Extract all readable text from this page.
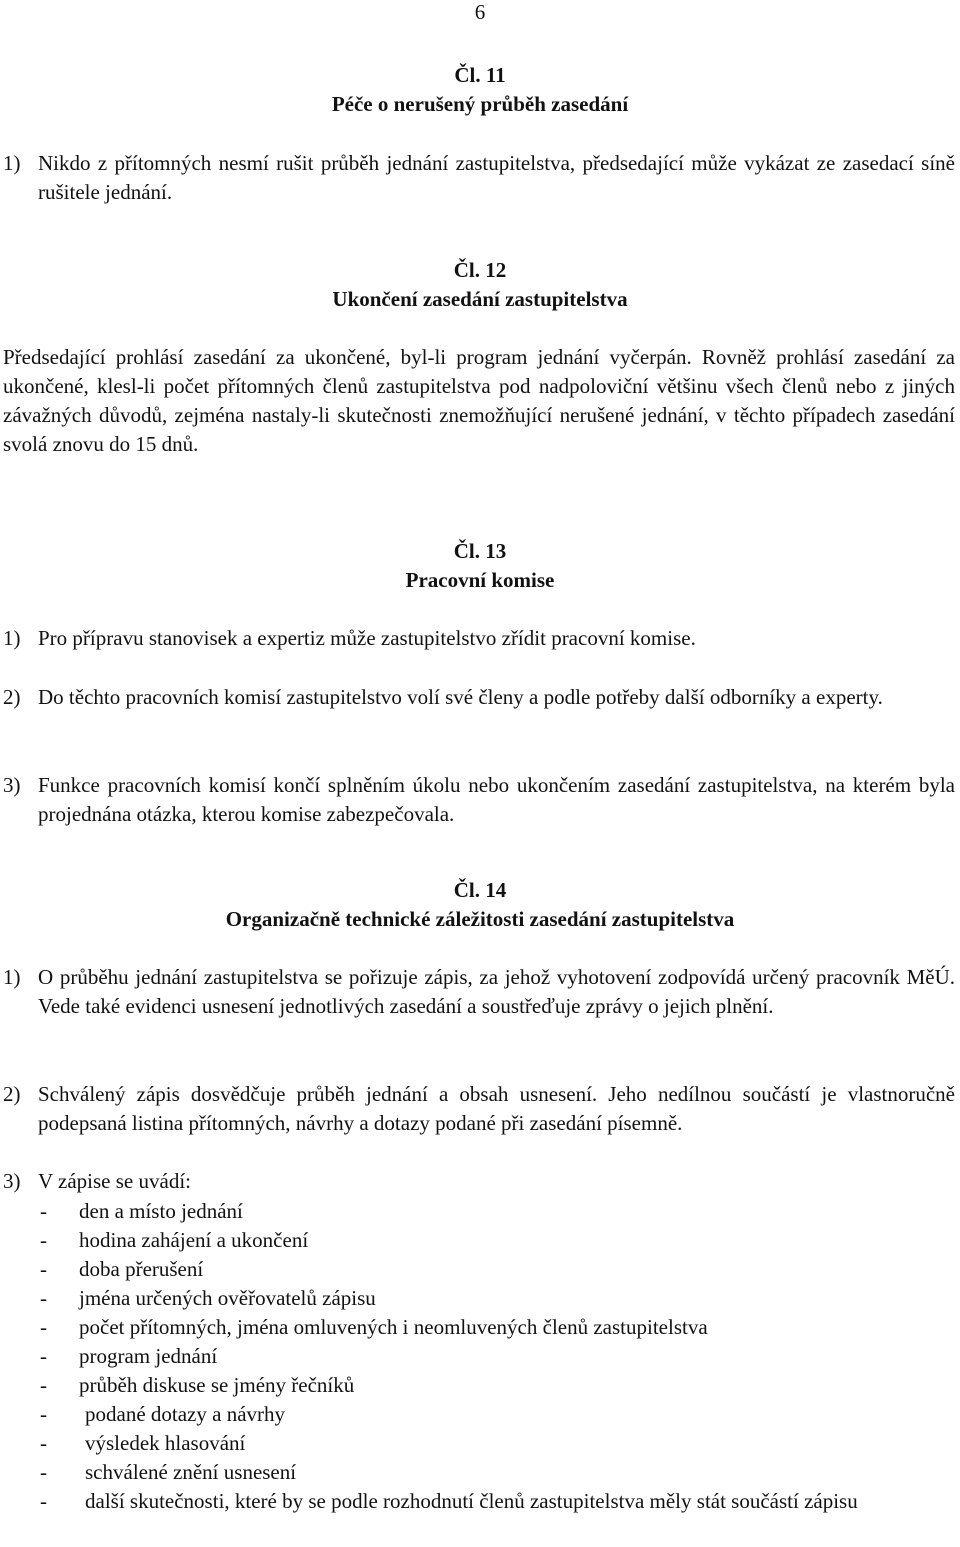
6
Čl. 11
Péče o nerušený průběh zasedání
1) Nikdo z přítomných nesmí rušit průběh jednání zastupitelstva, předsedající může vykázat ze zasedací síně rušitele jednání.
Čl. 12
Ukončení zasedání zastupitelstva
Předsedající prohlásí zasedání za ukončené, byl-li program jednání vyčerpán. Rovněž prohlásí zasedání za ukončené, klesl-li počet přítomných členů zastupitelstva pod nadpoloviční většinu všech členů nebo z jiných závažných důvodů, zejména nastaly-li skutečnosti znemožňující nerušené jednání, v těchto případech zasedání svolá znovu do 15 dnů.
Čl. 13
Pracovní komise
1) Pro přípravu stanovisek a expertiz může zastupitelstvo zřídit pracovní komise.
2) Do těchto pracovních komisí zastupitelstvo volí své členy a podle potřeby další odborníky a experty.
3) Funkce pracovních komisí končí splněním úkolu nebo ukončením zasedání zastupitelstva, na kterém byla projednána otázka, kterou komise zabezpečovala.
Čl. 14
Organizačně technické záležitosti zasedání zastupitelstva
1) O průběhu jednání zastupitelstva se pořizuje zápis, za jehož vyhotovení zodpovídá určený pracovník MěÚ. Vede také evidenci usnesení jednotlivých zasedání a soustřeďuje zprávy o jejich plnění.
2) Schválený zápis dosvědčuje průběh jednání a obsah usnesení. Jeho nedílnou součástí je vlastnoručně podepsaná listina přítomných, návrhy a dotazy podané při zasedání písemně.
3) V zápise se uvádí:
- den a místo jednání
- hodina zahájení a ukončení
- doba přerušení
- jména určených ověřovatelů zápisu
- počet přítomných, jména omluvených i neomluvených členů zastupitelstva
- program jednání
- průběh diskuse se jmény řečníků
- podané dotazy a návrhy
- výsledek hlasování
- schválené znění usnesení
- další skutečnosti, které by se podle rozhodnutí členů zastupitelstva měly stát součástí zápisu
